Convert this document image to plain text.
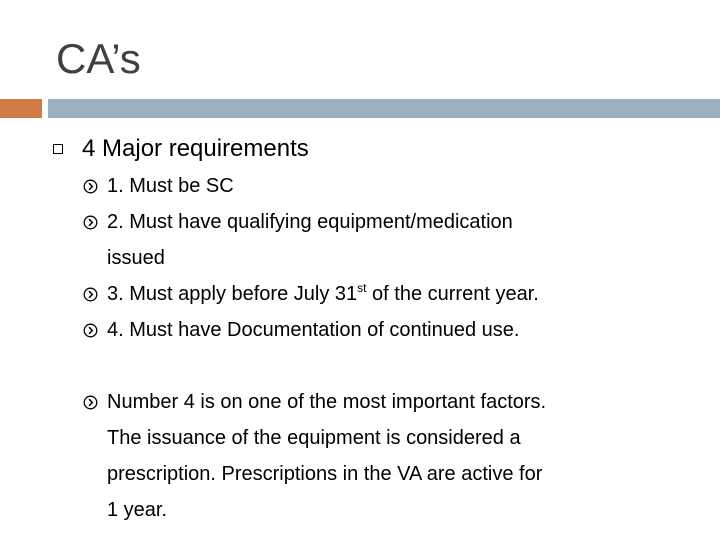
CA’s
4 Major requirements
1. Must be SC
2. Must have qualifying equipment/medication
issued
3. Must apply before July 31st of the current year.
4. Must have Documentation of continued use.
Number 4 is on one of the most important factors.
The issuance of the equipment is considered a
prescription. Prescriptions in the VA are active for
1 year.
